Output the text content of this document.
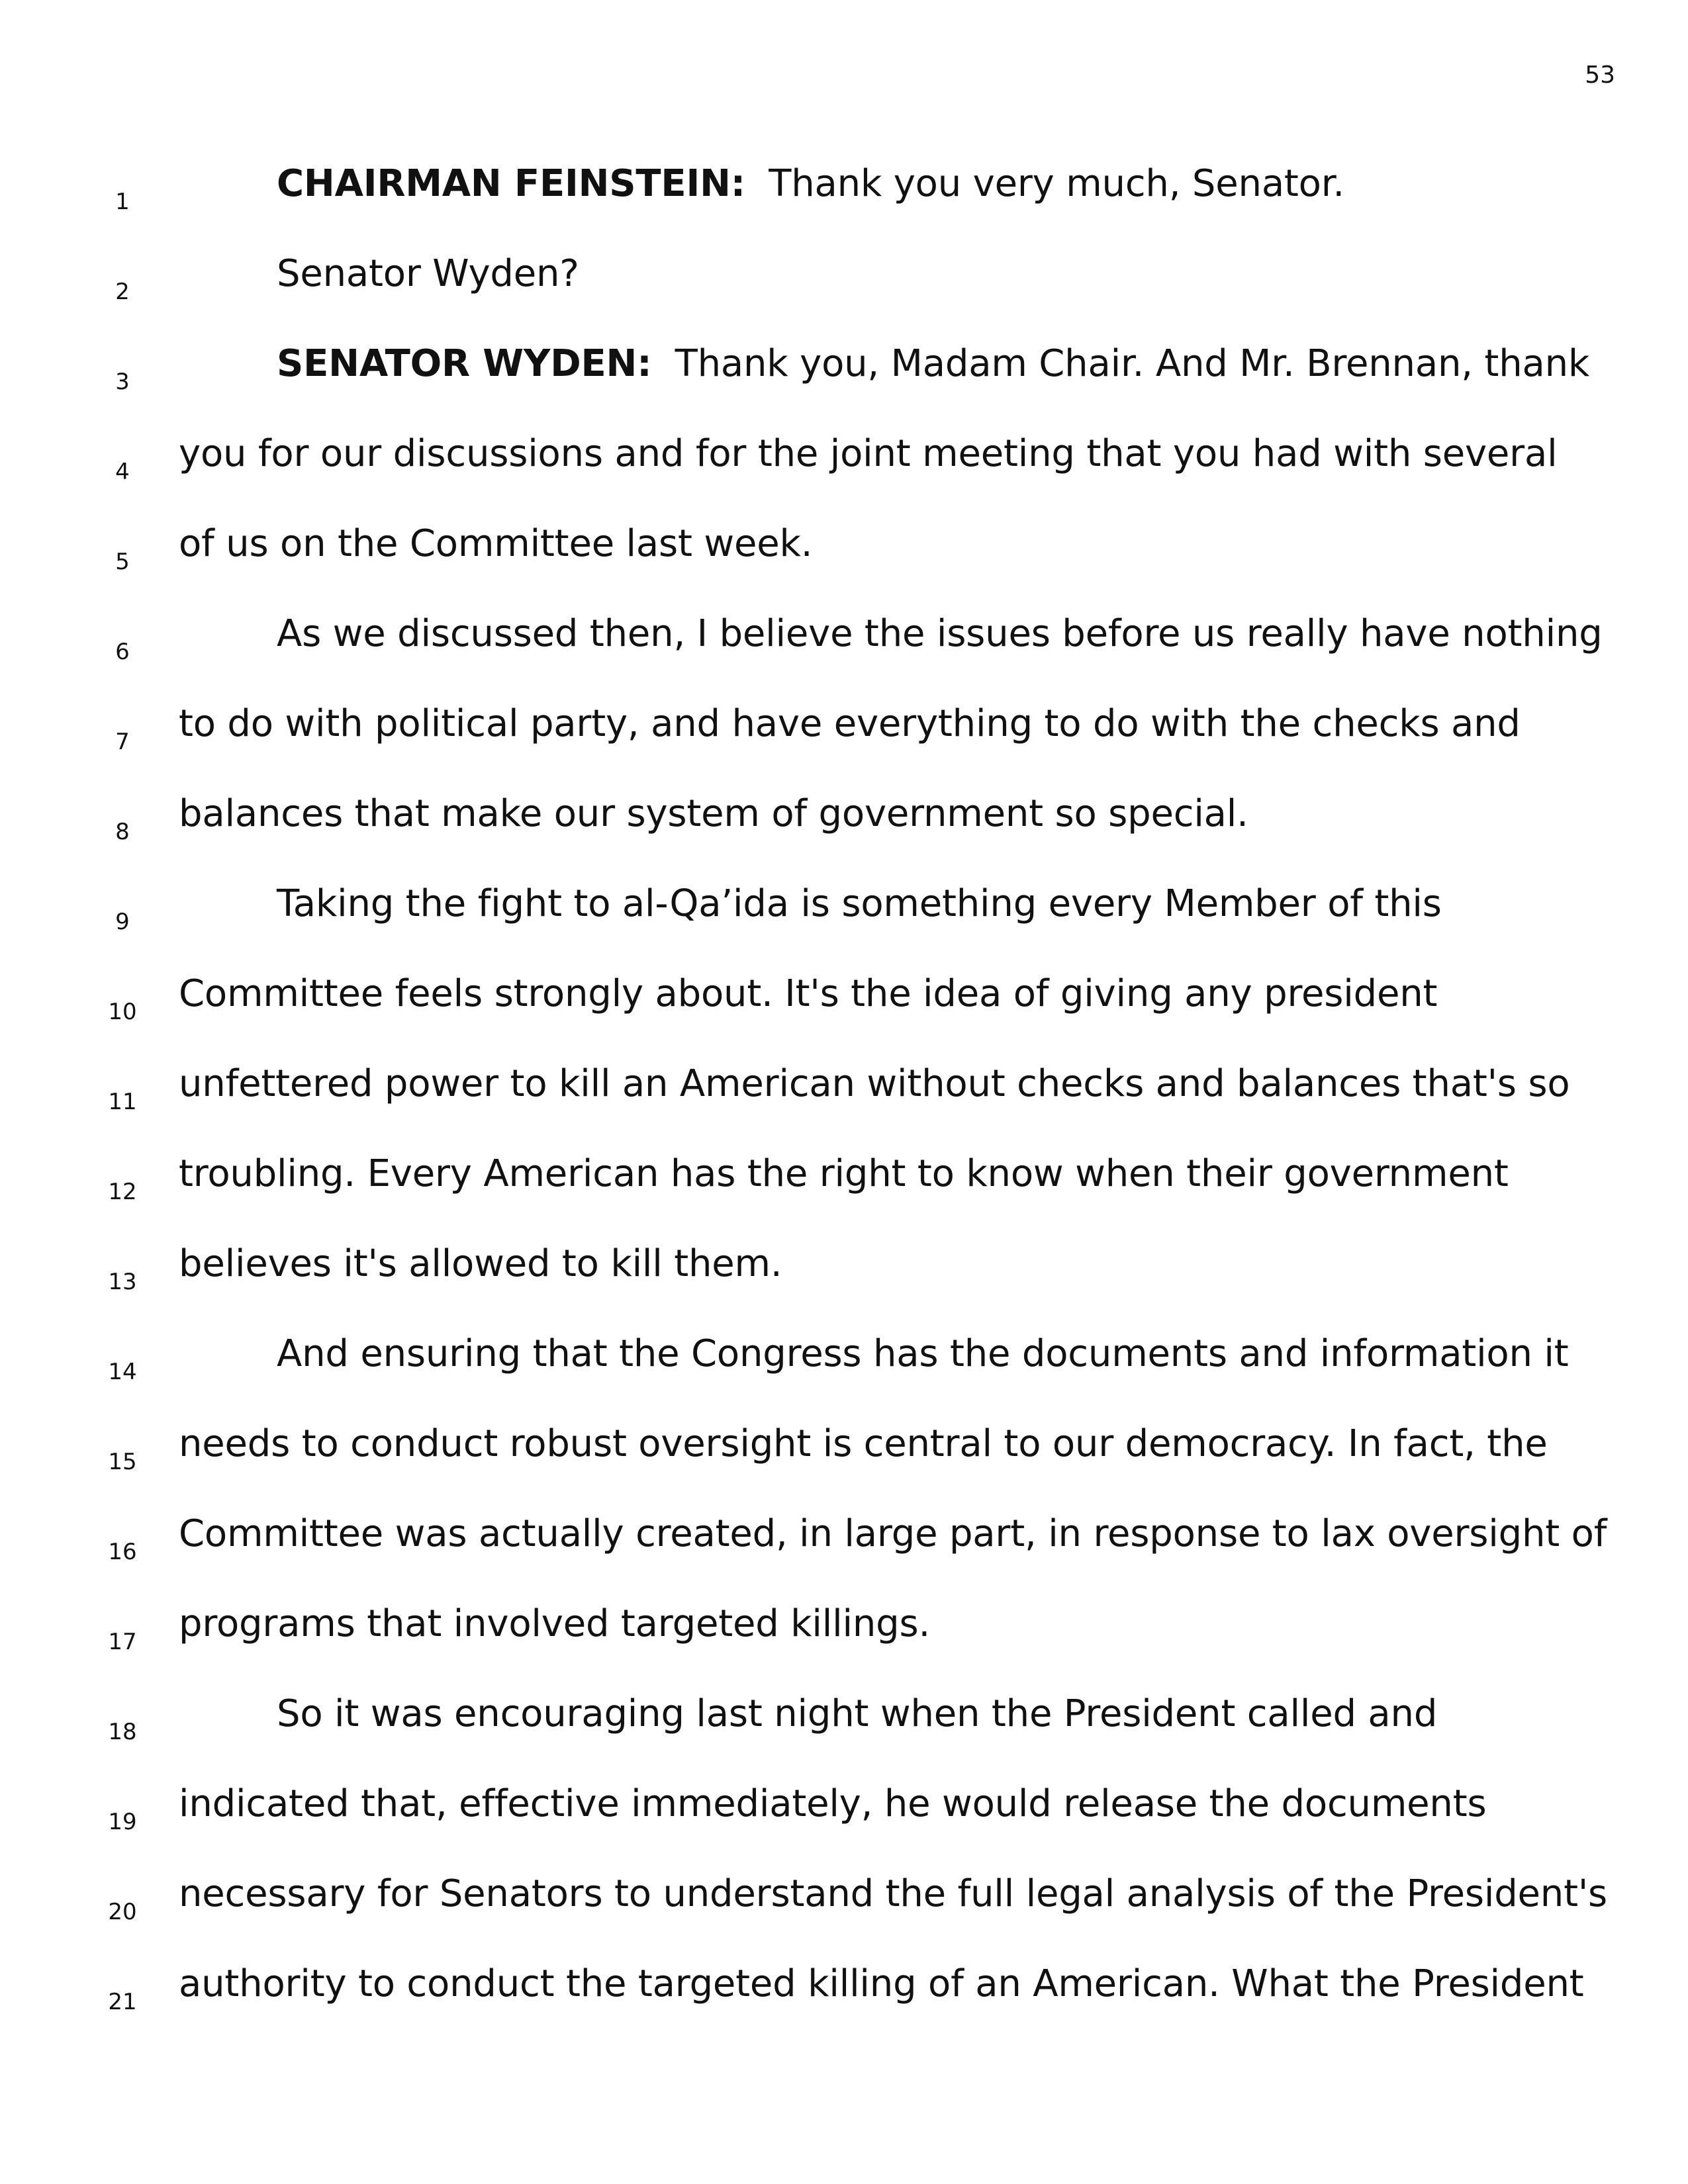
53
1	CHAIRMAN FEINSTEIN: Thank you very much, Senator.
2	Senator Wyden?
3	SENATOR WYDEN: Thank you, Madam Chair. And Mr. Brennan, thank
4	you for our discussions and for the joint meeting that you had with several
5	of us on the Committee last week.
6	As we discussed then, I believe the issues before us really have nothing
7	to do with political party, and have everything to do with the checks and
8	balances that make our system of government so special.
9	Taking the fight to al-Qa’ida is something every Member of this
10 Committee feels strongly about. It's the idea of giving any president
11 unfettered power to kill an American without checks and balances that's so
12 troubling. Every American has the right to know when their government
13 believes it's allowed to kill them.
14	And ensuring that the Congress has the documents and information it
15 needs to conduct robust oversight is central to our democracy. In fact, the
16 Committee was actually created, in large part, in response to lax oversight of
17 programs that involved targeted killings.
18	So it was encouraging last night when the President called and
19 indicated that, effective immediately, he would release the documents
20 necessary for Senators to understand the full legal analysis of the President's
21 authority to conduct the targeted killing of an American. What the President
